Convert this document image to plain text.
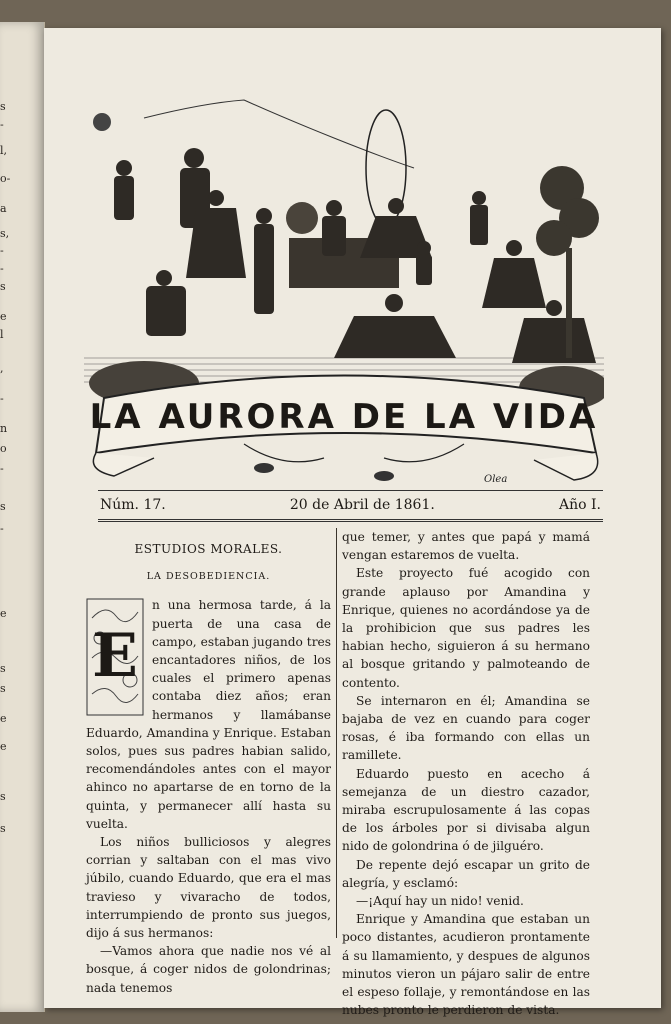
s
-
l,
o-
a
s,
-
-
s
e
l
,
-
n
o
-
s
-
e
s
s
e
e
s
s
LA AURORA DE LA VIDA
Olea
Núm. 17.	20 de Abril de 1861.	Año I.
ESTUDIOS MORALES.
LA DESOBEDIENCIA.
E

n una hermosa tarde, á la puerta de una casa de campo, estaban jugando tres encantadores niños, de los cuales el primero apenas contaba diez años; eran hermanos y llamábanse Eduardo, Amandina y Enrique. Estaban solos, pues sus padres habian salido, recomendándoles antes con el mayor ahinco no apartarse de en torno de la quinta, y permanecer allí hasta su vuelta.

Los niños bulliciosos y alegres corrian y saltaban con el mas vivo júbilo, cuando Eduardo, que era el mas travieso y vivaracho de todos, interrumpiendo de pronto sus juegos, dijo á sus hermanos:

—Vamos ahora que nadie nos vé al bosque, á coger nidos de golondrinas; nada tenemos

que temer, y antes que papá y mamá vengan estaremos de vuelta.

Este proyecto fué acogido con grande aplauso por Amandina y Enrique, quienes no acordándose ya de la prohibicion que sus padres les habian hecho, siguieron á su hermano al bosque gritando y palmoteando de contento.

Se internaron en él; Amandina se bajaba de vez en cuando para coger rosas, é iba formando con ellas un ramillete.

Eduardo puesto en acecho á semejanza de un diestro cazador, miraba escrupulosamente á las copas de los árboles por si divisaba algun nido de golondrina ó de jilguéro.

De repente dejó escapar un grito de alegría, y esclamó:

—¡Aquí hay un nido! venid.

Enrique y Amandina que estaban un poco distantes, acudieron prontamente á su llamamiento, y despues de algunos minutos vieron un pájaro salir de entre el espeso follaje, y remontándose en las nubes pronto le perdieron de vista.
